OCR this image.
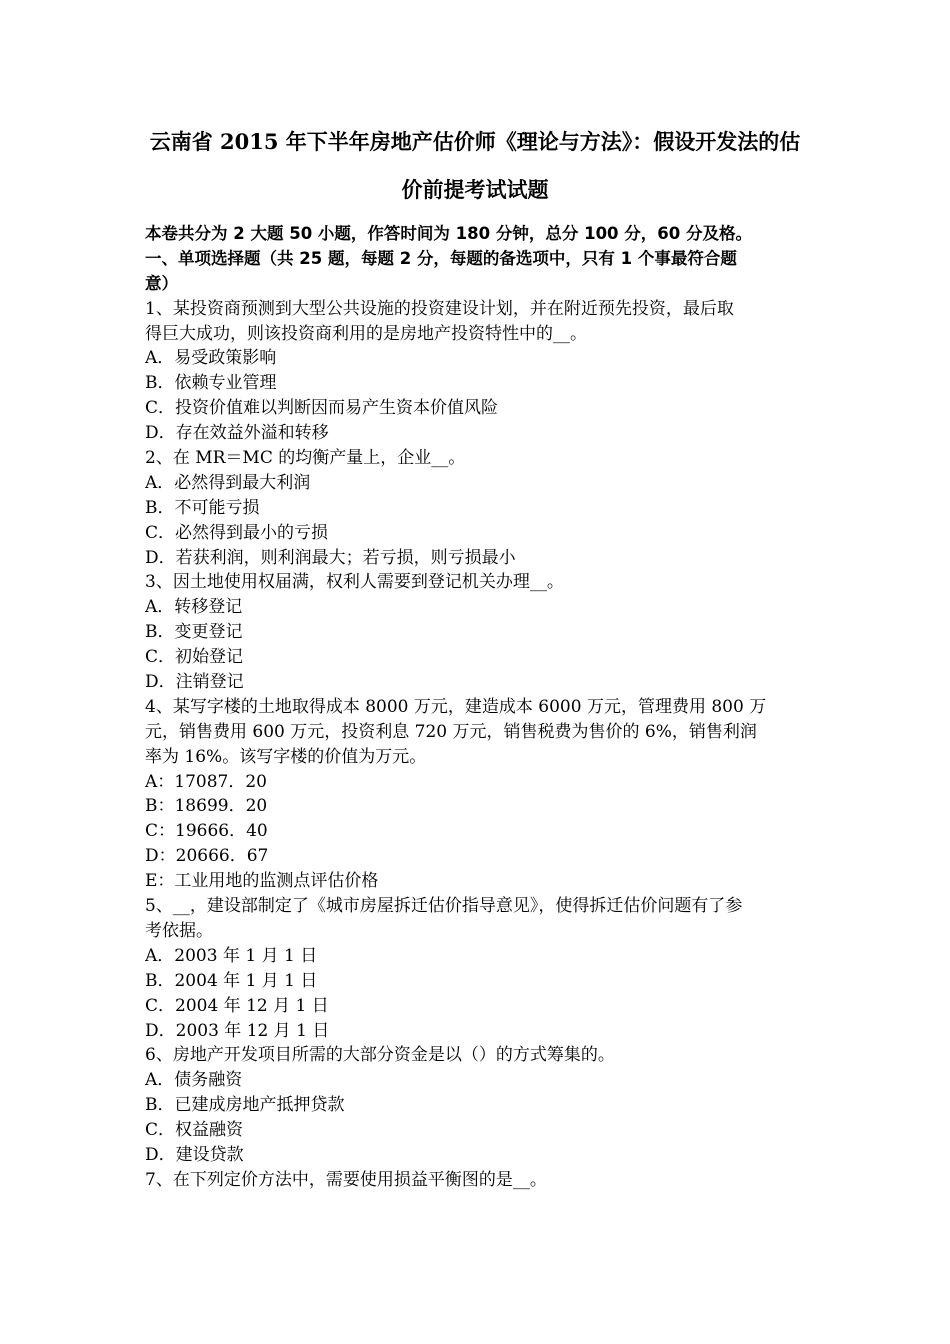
云南省 2015 年下半年房地产估价师《理论与方法》：假设开发法的估
价前提考试试题
本卷共分为 2 大题 50 小题，作答时间为 180 分钟，总分 100 分，60 分及格。
一、单项选择题（共 25 题，每题 2 分，每题的备选项中，只有 1 个事最符合题
意）
1、某投资商预测到大型公共设施的投资建设计划，并在附近预先投资，最后取
得巨大成功，则该投资商利用的是房地产投资特性中的__。
A．易受政策影响
B．依赖专业管理
C．投资价值难以判断因而易产生资本价值风险
D．存在效益外溢和转移
2、在 MR＝MC 的均衡产量上，企业__。
A．必然得到最大利润
B．不可能亏损
C．必然得到最小的亏损
D．若获利润，则利润最大；若亏损，则亏损最小
3、因土地使用权届满，权利人需要到登记机关办理__。
A．转移登记
B．变更登记
C．初始登记
D．注销登记
4、某写字楼的土地取得成本 8000 万元，建造成本 6000 万元，管理费用 800 万
元，销售费用 600 万元，投资利息 720 万元，销售税费为售价的 6%，销售利润
率为 16%。该写字楼的价值为万元。
A：17087．20
B：18699．20
C：19666．40
D：20666．67
E：工业用地的监测点评估价格
5、__，建设部制定了《城市房屋拆迁估价指导意见》，使得拆迁估价问题有了参
考依据。
A．2003 年 1 月 1 日
B．2004 年 1 月 1 日
C．2004 年 12 月 1 日
D．2003 年 12 月 1 日
6、房地产开发项目所需的大部分资金是以（）的方式筹集的。
A．债务融资
B．已建成房地产抵押贷款
C．权益融资
D．建设贷款
7、在下列定价方法中，需要使用损益平衡图的是__。
